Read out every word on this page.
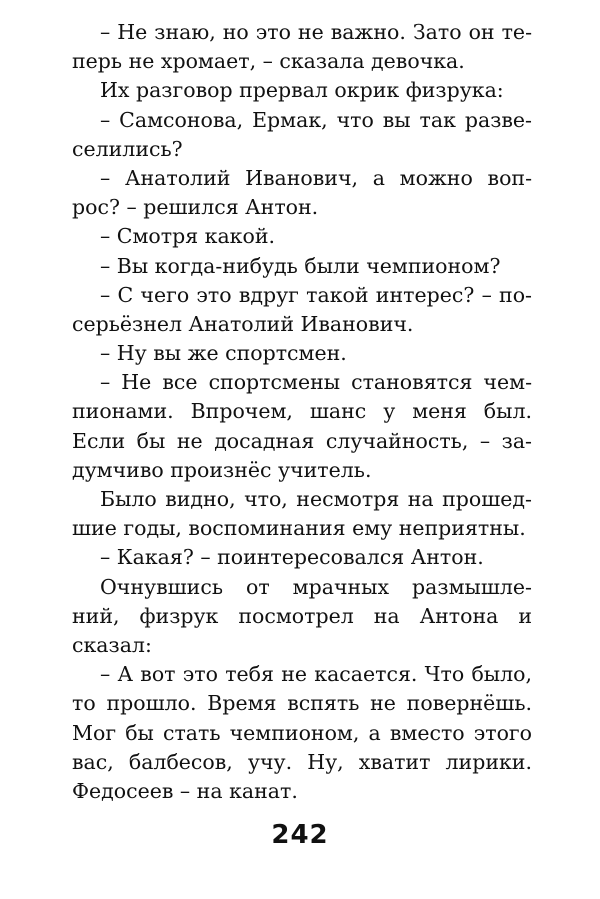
– Не знаю, но это не важно. Зато он те-
перь не хромает, – сказала девочка.
Их разговор прервал окрик физрука:
– Самсонова, Ермак, что вы так разве-
селились?
– Анатолий Иванович, а можно воп-
рос? – решился Антон.
– Смотря какой.
– Вы когда-нибудь были чемпионом?
– С чего это вдруг такой интерес? – по-
серьёзнел Анатолий Иванович.
– Ну вы же спортсмен.
– Не все спортсмены становятся чем-
пионами. Впрочем, шанс у меня был.
Если бы не досадная случайность, – за-
думчиво произнёс учитель.
Было видно, что, несмотря на прошед-
шие годы, воспоминания ему неприятны.
– Какая? – поинтересовался Антон.
Очнувшись от мрачных размышле-
ний, физрук посмотрел на Антона и
сказал:
– А вот это тебя не касается. Что было,
то прошло. Время вспять не повернёшь.
Мог бы стать чемпионом, а вместо этого
вас, балбесов, учу. Ну, хватит лирики.
Федосеев – на канат.
242
